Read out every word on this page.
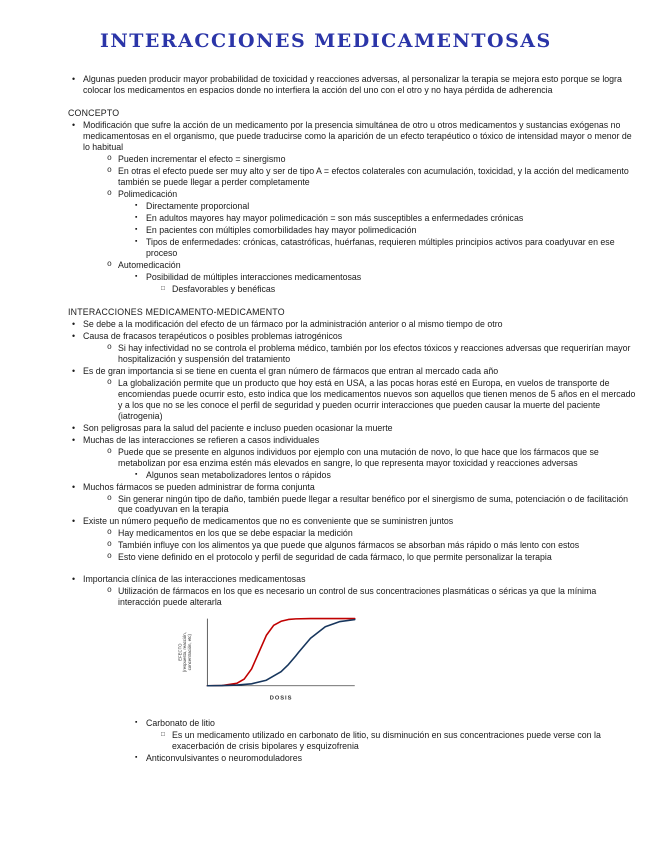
INTERACCIONES MEDICAMENTOSAS
• Algunas pueden producir mayor probabilidad de toxicidad y reacciones adversas, al personalizar la terapia se mejora esto porque se logra colocar los medicamentos en espacios donde no interfiera la acción del uno con el otro y no haya pérdida de adherencia
CONCEPTO
• Modificación que sufre la acción de un medicamento por la presencia simultánea de otro u otros medicamentos y sustancias exógenas no medicamentosas en el organismo, que puede traducirse como la aparición de un efecto terapéutico o tóxico de intensidad mayor o menor de lo habitual
o Pueden incrementar el efecto = sinergismo
o En otras el efecto puede ser muy alto y ser de tipo A = efectos colaterales con acumulación, toxicidad, y la acción del medicamento también se puede llegar a perder completamente
o Polimedicación
▪ Directamente proporcional
▪ En adultos mayores hay mayor polimedicación = son más susceptibles a enfermedades crónicas
▪ En pacientes con múltiples comorbilidades hay mayor polimedicación
▪ Tipos de enfermedades: crónicas, catastróficas, huérfanas, requieren múltiples principios activos para coadyuvar en ese proceso
o Automedicación
▪ Posibilidad de múltiples interacciones medicamentosas
□ Desfavorables y benéficas
INTERACCIONES MEDICAMENTO-MEDICAMENTO
• Se debe a la modificación del efecto de un fármaco por la administración anterior o al mismo tiempo de otro
• Causa de fracasos terapéuticos o posibles problemas iatrogénicos
o Si hay infectividad no se controla el problema médico, también por los efectos tóxicos y reacciones adversas que requerirían mayor hospitalización y suspensión del tratamiento
• Es de gran importancia si se tiene en cuenta el gran número de fármacos que entran al mercado cada año
o La globalización permite que un producto que hoy está en USA, a las pocas horas esté en Europa, en vuelos de transporte de encomiendas puede ocurrir esto, esto indica que los medicamentos nuevos son aquellos que tienen menos de 5 años en el mercado y a los que no se les conoce el perfil de seguridad y pueden ocurrir interacciones que pueden causar la muerte del paciente (iatrogenia)
• Son peligrosas para la salud del paciente e incluso pueden ocasionar la muerte
• Muchas de las interacciones se refieren a casos individuales
o Puede que se presente en algunos individuos por ejemplo con una mutación de novo, lo que hace que los fármacos que se metabolizan por esa enzima estén más elevados en sangre, lo que representa mayor toxicidad y reacciones adversas
▪ Algunos sean metabolizadores lentos o rápidos
• Muchos fármacos se pueden administrar de forma conjunta
o Sin generar ningún tipo de daño, también puede llegar a resultar benéfico por el sinergismo de suma, potenciación o de facilitación que coadyuvan en la terapia
• Existe un número pequeño de medicamentos que no es conveniente que se suministren juntos
o Hay medicamentos en los que se debe espaciar la medición
o También influye con los alimentos ya que puede que algunos fármacos se absorban más rápido o más lento con estos
o Esto viene definido en el protocolo y perfil de seguridad de cada fármaco, lo que permite personalizar la terapia
• Importancia clínica de las interacciones medicamentosas
o Utilización de fármacos en los que es necesario un control de sus concentraciones plasmáticas o séricas ya que la mínima interacción puede alterarla
DOSIS
EFECTO(respuesta, reacción,concentración, etc)
▪ Carbonato de litio
□ Es un medicamento utilizado en carbonato de litio, su disminución en sus concentraciones puede verse con la exacerbación de crisis bipolares y esquizofrenia
▪ Anticonvulsivantes o neuromoduladores
